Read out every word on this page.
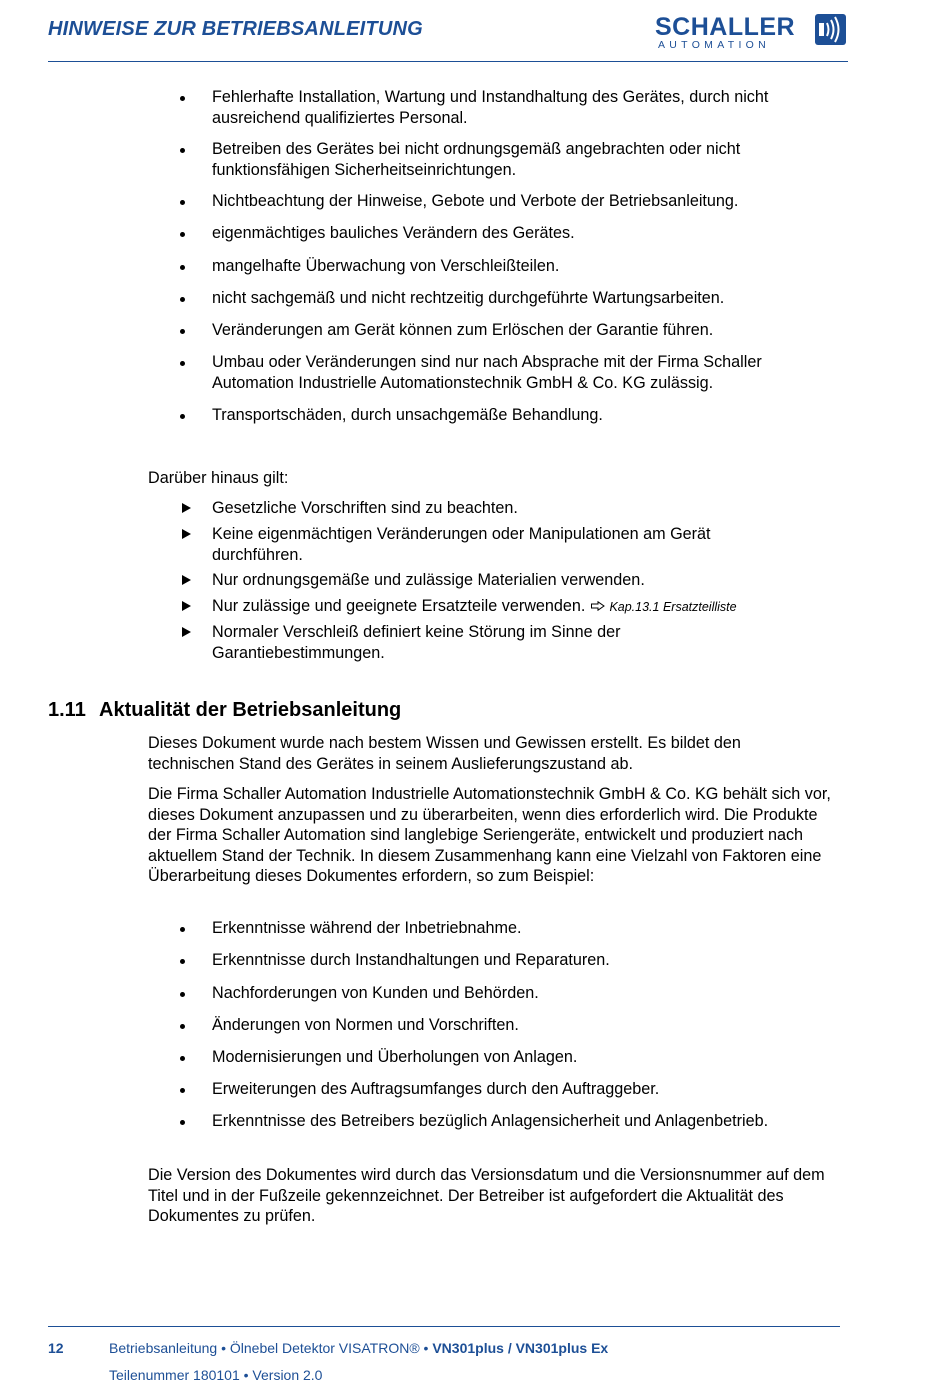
HINWEISE ZUR BETRIEBSANLEITUNG	SCHALLER
AUTOMATION
Fehlerhafte Installation, Wartung und Instandhaltung des Gerätes, durch nicht ausreichend qualifiziertes Personal.
Betreiben des Gerätes bei nicht ordnungsgemäß angebrachten oder nicht funktionsfähigen Sicherheitseinrichtungen.
Nichtbeachtung der Hinweise, Gebote und Verbote der Betriebsanleitung.
eigenmächtiges bauliches Verändern des Gerätes.
mangelhafte Überwachung von Verschleißteilen.
nicht sachgemäß und nicht rechtzeitig durchgeführte Wartungsarbeiten.
Veränderungen am Gerät können zum Erlöschen der Garantie führen.
Umbau oder Veränderungen sind nur nach Absprache mit der Firma Schaller Automation Industrielle Automationstechnik GmbH & Co. KG zulässig.
Transportschäden, durch unsachgemäße Behandlung.
Darüber hinaus gilt:
Gesetzliche Vorschriften sind zu beachten.
Keine eigenmächtigen Veränderungen oder Manipulationen am Gerät durchführen.
Nur ordnungsgemäße und zulässige Materialien verwenden.
Nur zulässige und geeignete Ersatzteile verwenden. Kap.13.1 Ersatzteilliste
Normaler Verschleiß definiert keine Störung im Sinne der Garantiebestimmungen.
1.11 Aktualität der Betriebsanleitung
Dieses Dokument wurde nach bestem Wissen und Gewissen erstellt. Es bildet den technischen Stand des Gerätes in seinem Auslieferungszustand ab.
Die Firma Schaller Automation Industrielle Automationstechnik GmbH & Co. KG behält sich vor, dieses Dokument anzupassen und zu überarbeiten, wenn dies erforderlich wird. Die Produkte der Firma Schaller Automation sind langlebige Seriengeräte, entwickelt und produziert nach aktuellem Stand der Technik. In diesem Zusammenhang kann eine Vielzahl von Faktoren eine Überarbeitung dieses Dokumentes erfordern, so zum Beispiel:
Erkenntnisse während der Inbetriebnahme.
Erkenntnisse durch Instandhaltungen und Reparaturen.
Nachforderungen von Kunden und Behörden.
Änderungen von Normen und Vorschriften.
Modernisierungen und Überholungen von Anlagen.
Erweiterungen des Auftragsumfanges durch den Auftraggeber.
Erkenntnisse des Betreibers bezüglich Anlagensicherheit und Anlagenbetrieb.
Die Version des Dokumentes wird durch das Versionsdatum und die Versionsnummer auf dem Titel und in der Fußzeile gekennzeichnet. Der Betreiber ist aufgefordert die Aktualität des Dokumentes zu prüfen.
12	Betriebsanleitung • Ölnebel Detektor VISATRON® • VN301plus / VN301plus Ex
Teilenummer 180101 • Version 2.0
